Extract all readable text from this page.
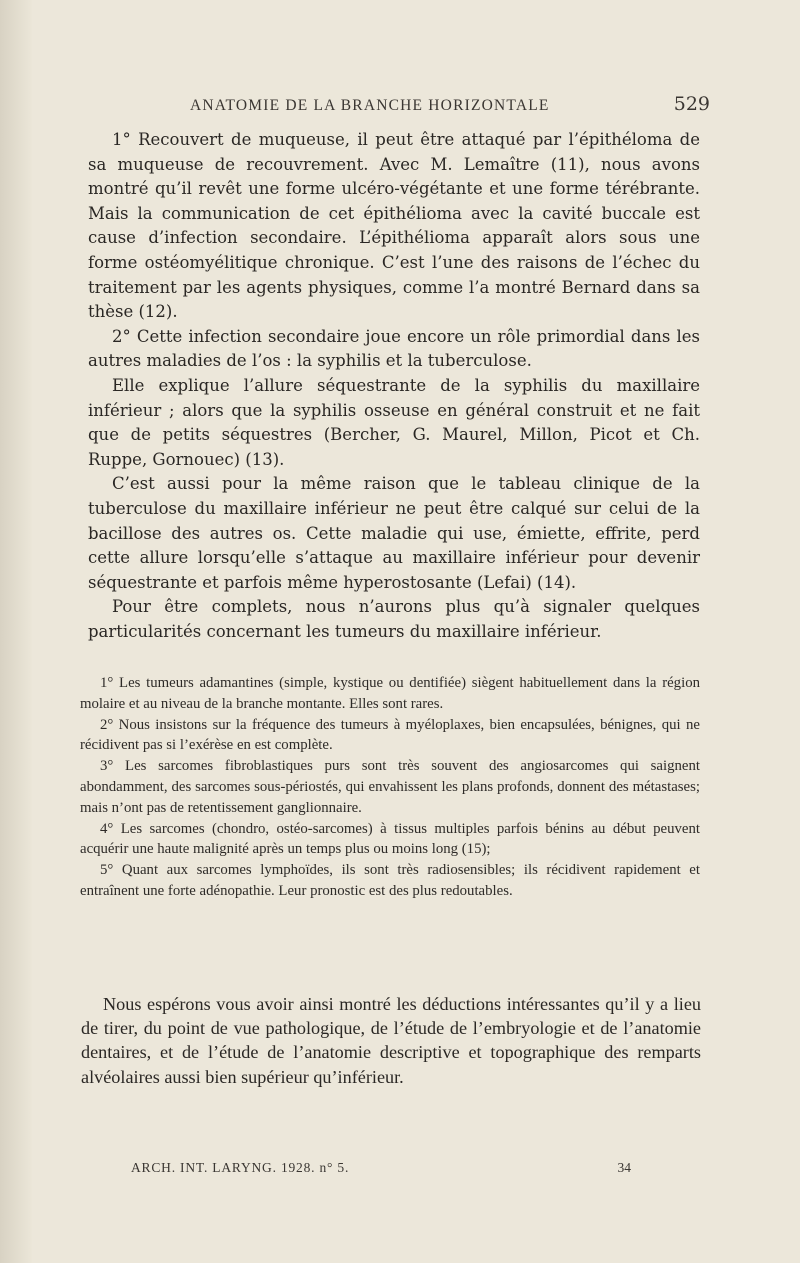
ANATOMIE DE LA BRANCHE HORIZONTALE	529

1° Recouvert de muqueuse, il peut être attaqué par l’épithéloma de sa muqueuse de recouvrement. Avec M. Lemaître (11), nous avons montré qu’il revêt une forme ulcéro-végétante et une forme térébrante. Mais la communication de cet épithélioma avec la cavité buccale est cause d’infection secondaire. L’épithélioma apparaît alors sous une forme ostéomyélitique chronique. C’est l’une des raisons de l’échec du traitement par les agents physiques, comme l’a montré Bernard dans sa thèse (12).

2° Cette infection secondaire joue encore un rôle primordial dans les autres maladies de l’os : la syphilis et la tuberculose.

Elle explique l’allure séquestrante de la syphilis du maxillaire inférieur ; alors que la syphilis osseuse en général construit et ne fait que de petits séquestres (Bercher, G. Maurel, Millon, Picot et Ch. Ruppe, Gornouec) (13).

C’est aussi pour la même raison que le tableau clinique de la tuberculose du maxillaire inférieur ne peut être calqué sur celui de la bacillose des autres os. Cette maladie qui use, émiette, effrite, perd cette allure lorsqu’elle s’attaque au maxillaire inférieur pour devenir séquestrante et parfois même hyperostosante (Lefai) (14).

Pour être complets, nous n’aurons plus qu’à signaler quelques particularités concernant les tumeurs du maxillaire inférieur.

1° Les tumeurs adamantines (simple, kystique ou dentifiée) siègent habituellement dans la région molaire et au niveau de la branche montante. Elles sont rares.

2° Nous insistons sur la fréquence des tumeurs à myéloplaxes, bien encapsulées, bénignes, qui ne récidivent pas si l’exérèse en est complète.

3° Les sarcomes fibroblastiques purs sont très souvent des angiosarcomes qui saignent abondamment, des sarcomes sous-périostés, qui envahissent les plans profonds, donnent des métastases; mais n’ont pas de retentissement ganglionnaire.

4° Les sarcomes (chondro, ostéo-sarcomes) à tissus multiples parfois bénins au début peuvent acquérir une haute malignité après un temps plus ou moins long (15);

5° Quant aux sarcomes lymphoïdes, ils sont très radiosensibles; ils récidivent rapidement et entraînent une forte adénopathie. Leur pronostic est des plus redoutables.

Nous espérons vous avoir ainsi montré les déductions intéressantes qu’il y a lieu de tirer, du point de vue pathologique, de l’étude de l’embryologie et de l’anatomie dentaires, et de l’étude de l’anatomie descriptive et topographique des remparts alvéolaires aussi bien supérieur qu’inférieur.

ARCH. INT. LARYNG. 1928. n° 5.	34
